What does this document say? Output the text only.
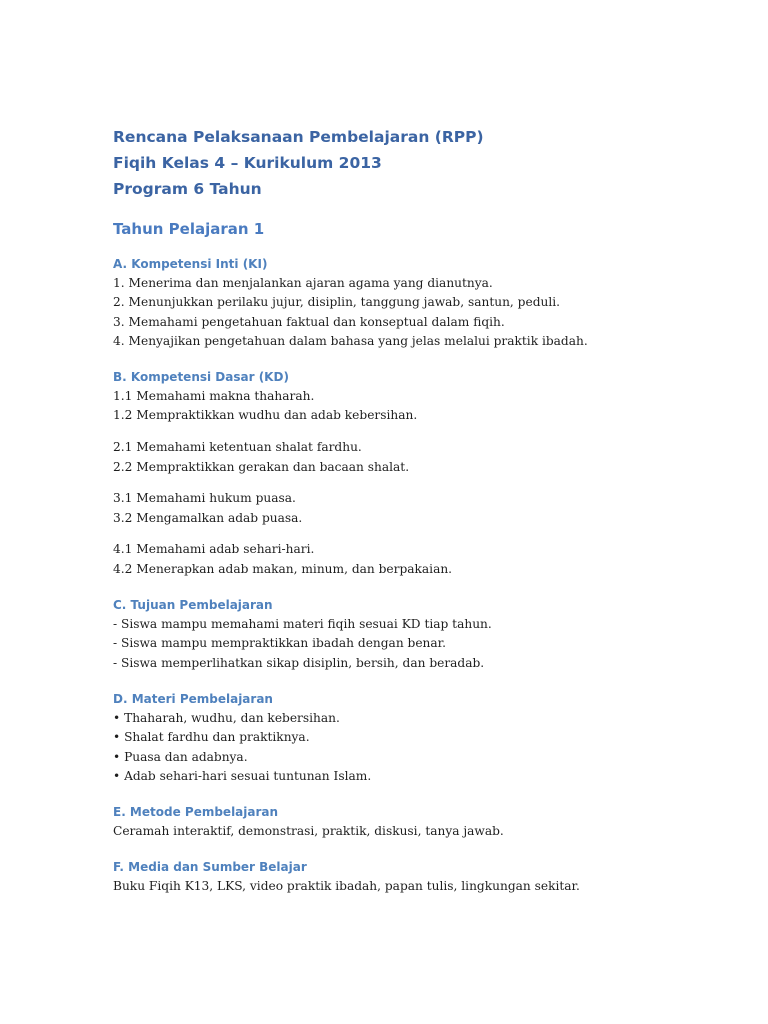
Rencana Pelaksanaan Pembelajaran (RPP)
Fiqih Kelas 4 – Kurikulum 2013
Program 6 Tahun
Tahun Pelajaran 1
A. Kompetensi Inti (KI)
1. Menerima dan menjalankan ajaran agama yang dianutnya.
2. Menunjukkan perilaku jujur, disiplin, tanggung jawab, santun, peduli.
3. Memahami pengetahuan faktual dan konseptual dalam fiqih.
4. Menyajikan pengetahuan dalam bahasa yang jelas melalui praktik ibadah.
B. Kompetensi Dasar (KD)
1.1 Memahami makna thaharah.
1.2 Mempraktikkan wudhu dan adab kebersihan.
2.1 Memahami ketentuan shalat fardhu.
2.2 Mempraktikkan gerakan dan bacaan shalat.
3.1 Memahami hukum puasa.
3.2 Mengamalkan adab puasa.
4.1 Memahami adab sehari-hari.
4.2 Menerapkan adab makan, minum, dan berpakaian.
C. Tujuan Pembelajaran
- Siswa mampu memahami materi fiqih sesuai KD tiap tahun.
- Siswa mampu mempraktikkan ibadah dengan benar.
- Siswa memperlihatkan sikap disiplin, bersih, dan beradab.
D. Materi Pembelajaran
• Thaharah, wudhu, dan kebersihan.
• Shalat fardhu dan praktiknya.
• Puasa dan adabnya.
• Adab sehari-hari sesuai tuntunan Islam.
E. Metode Pembelajaran
Ceramah interaktif, demonstrasi, praktik, diskusi, tanya jawab.
F. Media dan Sumber Belajar
Buku Fiqih K13, LKS, video praktik ibadah, papan tulis, lingkungan sekitar.
